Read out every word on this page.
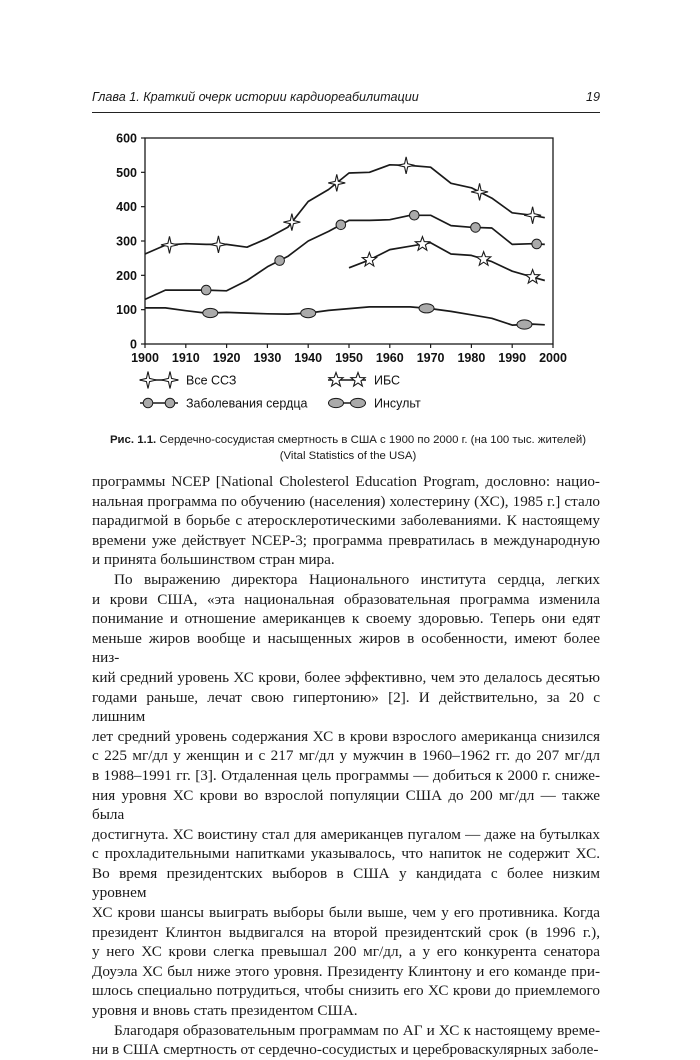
Глава 1. Краткий очерк истории кардиореабилитации	19
0
100
200
300
400
500
600
1900 1910 1920 1930 1940 1950 1960 1970 1980 1990 2000
Все ССЗ	ИБС
Заболевания сердца	Инсульт
Рис. 1.1. Сердечно-сосудистая смертность в США с 1900 по 2000 г. (на 100 тыс. жителей)
(Vital Statistics of the USA)

программы NCEP [National Cholesterol Education Program, дословно: нацио-
нальная программа по обучению (населения) холестерину (ХС), 1985 г.] стало
парадигмой в борьбе с атеросклеротическими заболеваниями. К настоящему
времени уже действует NCEP-3; программа превратилась в международную
и принята большинством стран мира.

По выражению директора Национального института сердца, легких
и крови США, «эта национальная образовательная программа изменила
понимание и отношение американцев к своему здоровью. Теперь они едят
меньше жиров вообще и насыщенных жиров в особенности, имеют более низ-
кий средний уровень ХС крови, более эффективно, чем это делалось десятью
годами раньше, лечат свою гипертонию» [2]. И действительно, за 20 с лишним
лет средний уровень содержания ХС в крови взрослого американца снизился
с 225 мг/дл у женщин и с 217 мг/дл у мужчин в 1960–1962 гг. до 207 мг/дл
в 1988–1991 гг. [3]. Отдаленная цель программы — добиться к 2000 г. сниже-
ния уровня ХС крови во взрослой популяции США до 200 мг/дл — также была
достигнута. ХС воистину стал для американцев пугалом — даже на бутылках
с прохладительными напитками указывалось, что напиток не содержит ХС.
Во время президентских выборов в США у кандидата с более низким уровнем
ХС крови шансы выиграть выборы были выше, чем у его противника. Когда
президент Клинтон выдвигался на второй президентский срок (в 1996 г.),
у него ХС крови слегка превышал 200 мг/дл, а у его конкурента сенатора
Доуэла ХС был ниже этого уровня. Президенту Клинтону и его команде при-
шлось специально потрудиться, чтобы снизить его ХС крови до приемлемого
уровня и вновь стать президентом США.

Благодаря образовательным программам по АГ и ХС к настоящему време-
ни в США смертность от сердечно-сосудистых и цереброваскулярных заболе-
